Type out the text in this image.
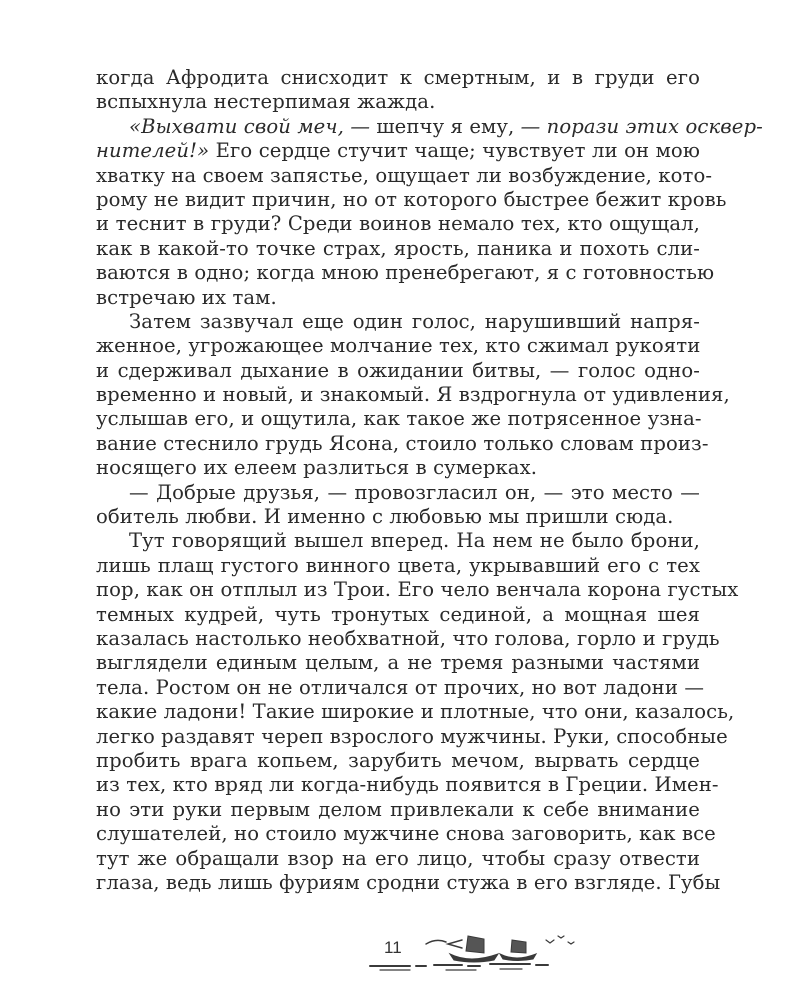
когда Афродита снисходит к смертным, и в груди его
вспыхнула нестерпимая жажда.
«Выхвати свой меч, — шепчу я ему, — порази этих осквер-
нителей!» Его сердце стучит чаще; чувствует ли он мою
хватку на своем запястье, ощущает ли возбуждение, кото-
рому не видит причин, но от которого быстрее бежит кровь
и теснит в груди? Среди воинов немало тех, кто ощущал,
как в какой-то точке страх, ярость, паника и похоть сли-
ваются в одно; когда мною пренебрегают, я с готовностью
встречаю их там.
Затем зазвучал еще один голос, нарушивший напря-
женное, угрожающее молчание тех, кто сжимал рукояти
и сдерживал дыхание в ожидании битвы, — голос одно-
временно и новый, и знакомый. Я вздрогнула от удивления,
услышав его, и ощутила, как такое же потрясенное узна-
вание стеснило грудь Ясона, стоило только словам произ-
носящего их елеем разлиться в сумерках.
— Добрые друзья, — провозгласил он, — это место —
обитель любви. И именно с любовью мы пришли сюда.
Тут говорящий вышел вперед. На нем не было брони,
лишь плащ густого винного цвета, укрывавший его с тех
пор, как он отплыл из Трои. Его чело венчала корона густых
темных кудрей, чуть тронутых сединой, а мощная шея
казалась настолько необхватной, что голова, горло и грудь
выглядели единым целым, а не тремя разными частями
тела. Ростом он не отличался от прочих, но вот ладони —
какие ладони! Такие широкие и плотные, что они, казалось,
легко раздавят череп взрослого мужчины. Руки, способные
пробить врага копьем, зарубить мечом, вырвать сердце
из тех, кто вряд ли когда-нибудь появится в Греции. Имен-
но эти руки первым делом привлекали к себе внимание
слушателей, но стоило мужчине снова заговорить, как все
тут же обращали взор на его лицо, чтобы сразу отвести
глаза, ведь лишь фуриям сродни стужа в его взгляде. Губы
11
